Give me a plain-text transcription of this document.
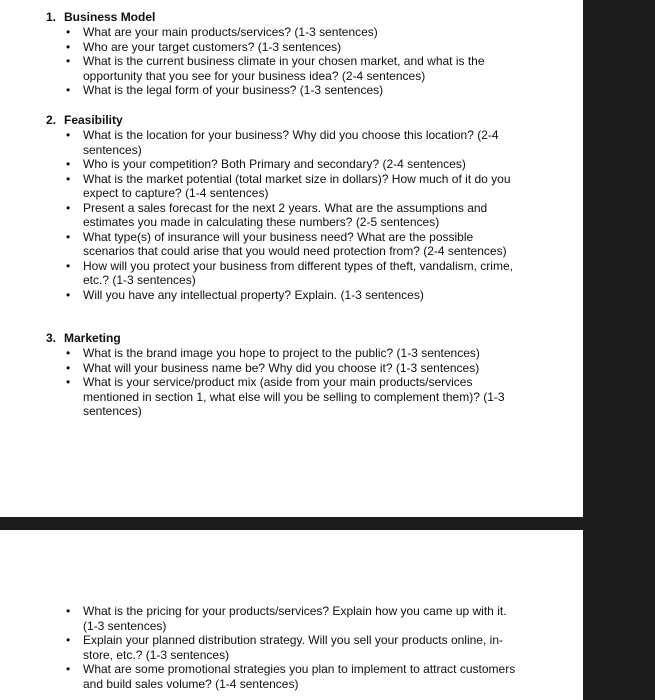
1. Business Model
• What are your main products/services? (1-3 sentences)
• Who are your target customers? (1-3 sentences)
• What is the current business climate in your chosen market, and what is the opportunity that you see for your business idea? (2-4 sentences)
• What is the legal form of your business? (1-3 sentences)
2. Feasibility
• What is the location for your business? Why did you choose this location? (2-4 sentences)
• Who is your competition? Both Primary and secondary? (2-4 sentences)
• What is the market potential (total market size in dollars)? How much of it do you expect to capture? (1-4 sentences)
• Present a sales forecast for the next 2 years. What are the assumptions and estimates you made in calculating these numbers? (2-5 sentences)
• What type(s) of insurance will your business need? What are the possible scenarios that could arise that you would need protection from? (2-4 sentences)
• How will you protect your business from different types of theft, vandalism, crime, etc.? (1-3 sentences)
• Will you have any intellectual property? Explain. (1-3 sentences)
3. Marketing
• What is the brand image you hope to project to the public? (1-3 sentences)
• What will your business name be? Why did you choose it? (1-3 sentences)
• What is your service/product mix (aside from your main products/services mentioned in section 1, what else will you be selling to complement them)? (1-3 sentences)
• What is the pricing for your products/services? Explain how you came up with it. (1-3 sentences)
• Explain your planned distribution strategy. Will you sell your products online, in-store, etc.? (1-3 sentences)
• What are some promotional strategies you plan to implement to attract customers and build sales volume? (1-4 sentences)
